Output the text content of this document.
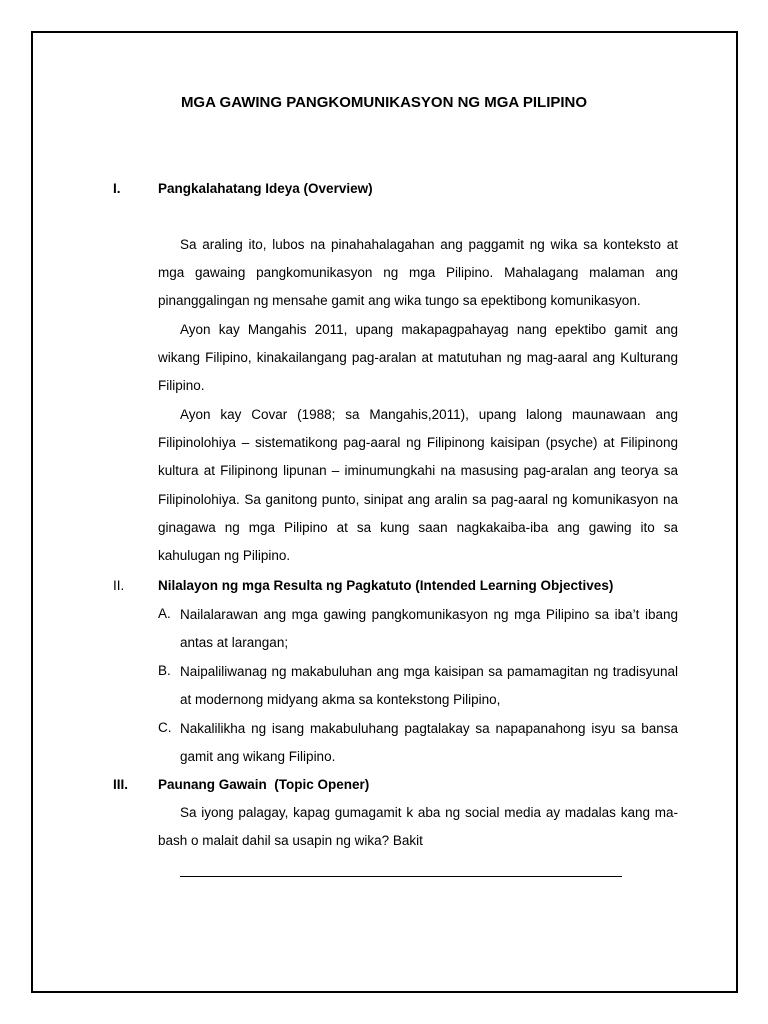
MGA GAWING PANGKOMUNIKASYON NG MGA PILIPINO
I.	Pangkalahatang Ideya (Overview)
Sa araling ito, lubos na pinahahalagahan ang paggamit ng wika sa konteksto at mga gawaing pangkomunikasyon ng mga Pilipino. Mahalagang malaman ang pinanggalingan ng mensahe gamit ang wika tungo sa epektibong komunikasyon.
Ayon kay Mangahis 2011, upang makapagpahayag nang epektibo gamit ang wikang Filipino, kinakailangang pag-aralan at matutuhan ng mag-aaral ang Kulturang Filipino.
Ayon kay Covar (1988; sa Mangahis,2011), upang lalong maunawaan ang Filipinolohiya – sistematikong pag-aaral ng Filipinong kaisipan (psyche) at Filipinong kultura at Filipinong lipunan – iminumungkahi na masusing pag-aralan ang teorya sa Filipinolohiya. Sa ganitong punto, sinipat ang aralin sa pag-aaral ng komunikasyon na ginagawa ng mga Pilipino at sa kung saan nagkakaiba-iba ang gawing ito sa kahulugan ng Pilipino.
II. Nilalayon ng mga Resulta ng Pagkatuto (Intended Learning Objectives)
A. Nailalarawan ang mga gawing pangkomunikasyon ng mga Pilipino sa iba’t ibang antas at larangan;
B. Naipaliliwanag ng makabuluhan ang mga kaisipan sa pamamagitan ng tradisyunal at modernong midyang akma sa kontekstong Pilipino,
C. Nakalilikha ng isang makabuluhang pagtalakay sa napapanahong isyu sa bansa gamit ang wikang Filipino.
III. Paunang Gawain  (Topic Opener)
Sa iyong palagay, kapag gumagamit k aba ng social media ay madalas kang ma-bash o malait dahil sa usapin ng wika? Bakit
